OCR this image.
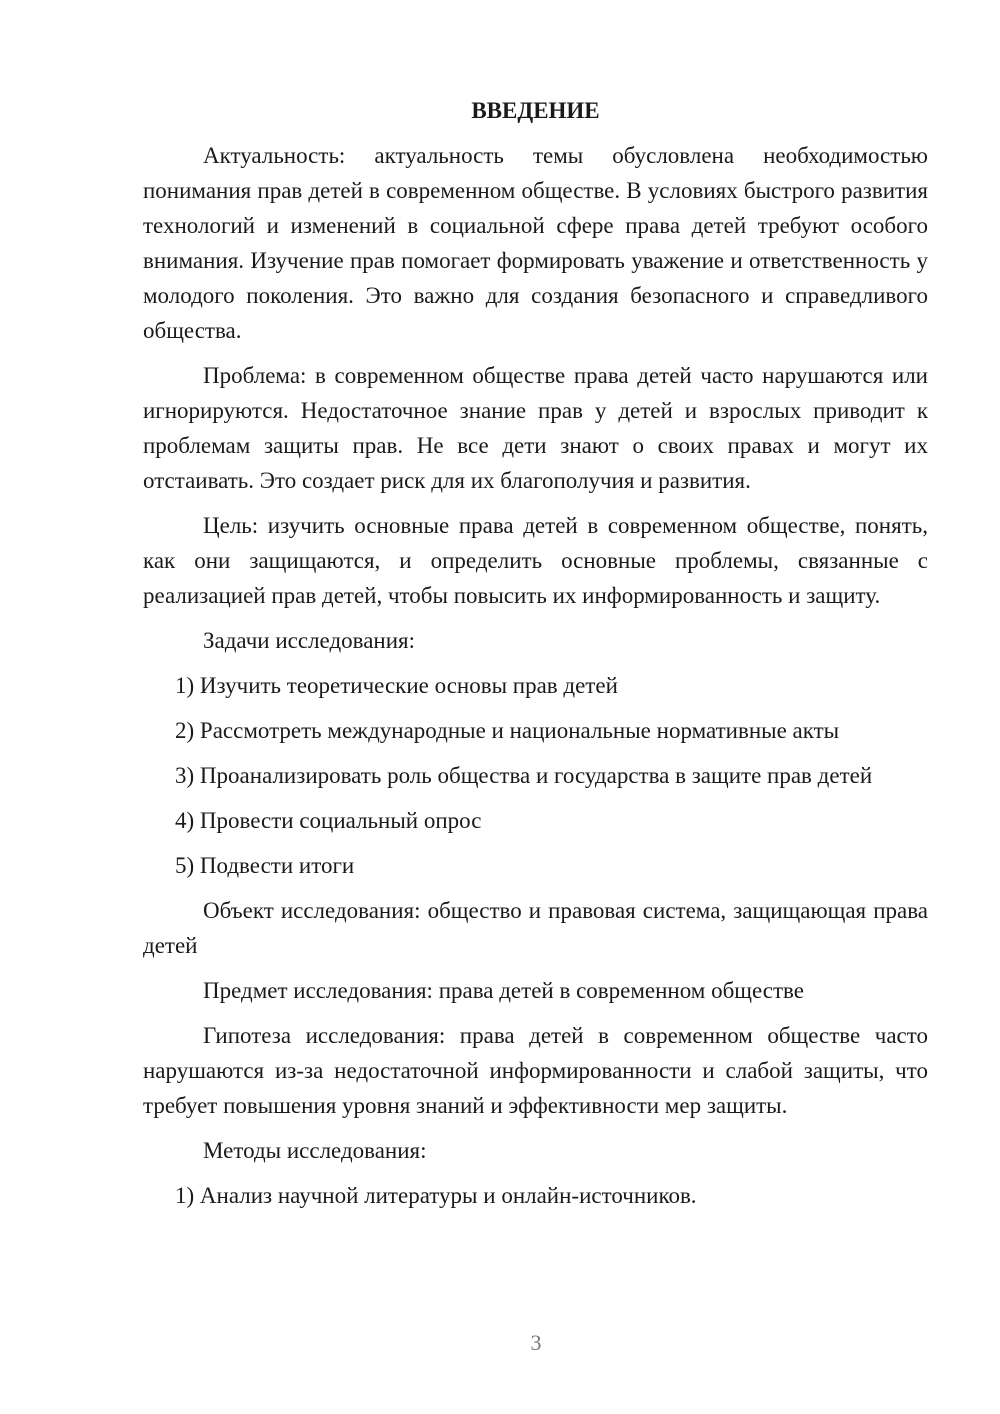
ВВЕДЕНИЕ

Актуальность: актуальность темы обусловлена необходимостью понимания прав детей в современном обществе. В условиях быстрого развития технологий и изменений в социальной сфере права детей требуют особого внимания. Изучение прав помогает формировать уважение и ответственность у молодого поколения. Это важно для создания безопасного и справедливого общества.

Проблема: в современном обществе права детей часто нарушаются или игнорируются. Недостаточное знание прав у детей и взрослых приводит к проблемам защиты прав. Не все дети знают о своих правах и могут их отстаивать. Это создает риск для их благополучия и развития.

Цель: изучить основные права детей в современном обществе, понять, как они защищаются, и определить основные проблемы, связанные с реализацией прав детей, чтобы повысить их информированность и защиту.

Задачи исследования:

1) Изучить теоретические основы прав детей

2) Рассмотреть международные и национальные нормативные акты

3) Проанализировать роль общества и государства в защите прав детей

4) Провести социальный опрос

5) Подвести итоги

Объект исследования: общество и правовая система, защищающая права детей

Предмет исследования: права детей в современном обществе

Гипотеза исследования: права детей в современном обществе часто нарушаются из-за недостаточной информированности и слабой защиты, что требует повышения уровня знаний и эффективности мер защиты.

Методы исследования:

1) Анализ научной литературы и онлайн-источников.

3
